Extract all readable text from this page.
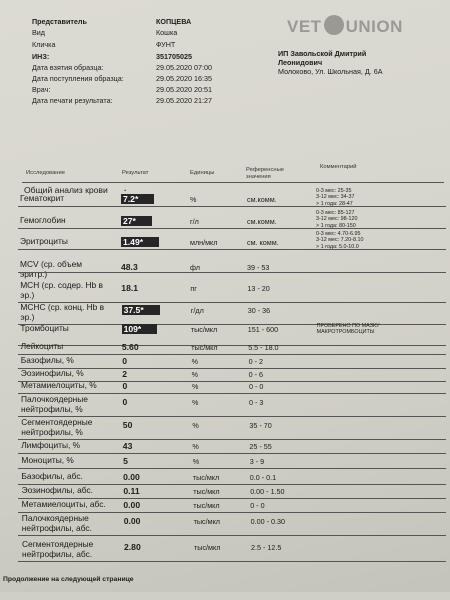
Представитель	КОПЦЕВА
Вид	Кошка
Кличка	ФУНТ
ИНЗ:	351705025
Дата взятия образца:	29.05.2020 07:00
Дата поступления образца:	29.05.2020 16:35
Врач:	29.05.2020 20:51
Дата печати результата:	29.05.2020 21:27
VET UNION
ИП Завольской Дмитрий
Леонидович
Молоково, Ул. Школьная, Д. 6А
Исследование	Результат	Единицы	Референсные
значения
Комментарий
Общий анализ крови .
Гематокрит	7.2*	%	см.комм.
0-3 мес: 25-35
3-12 мес: 34-37
> 1 года: 28-47
Гемоглобин	27*	г/л	см.комм.
0-3 мес: 85-127
3-12 мес: 98-120
> 1 года: 80-150
Эритроциты	1.49*	млн/мкл	см. комм.
0-3 мес: 4.70-6.95
3-12 мес: 7.20-8.10
> 1 года: 5.0-10.0
MCV (ср. объем
эритр.)
48.3	фл	39 - 53
MCH (ср. содер. Hb в
эр.)
18.1	пг	13 - 20
MCHC (ср. конц. Hb в
эр.)
37.5*	г/дл	30 - 36
Тромбоциты	109*	тыс/мкл	151 - 600	ПРОВЕРЕНО ПО МАЗКУ
МАКРОТРОМБОЦИТЫ
Лейкоциты	5.60	тыс/мкл	5.5 - 18.0
Базофилы, %	0	%	0 - 2
Эозинофилы, %	2	%	0 - 6
Метамиелоциты, %	0	%	0 - 0
Палочкоядерные
нейтрофилы, %
0	%	0 - 3
Сегментоядерные
нейтрофилы, %
50	%	35 - 70
Лимфоциты, %	43	%	25 - 55
Моноциты, %	5	%	3 - 9
Базофилы, абс.	0.00	тыс/мкл	0.0 - 0.1
Эозинофилы, абс.	0.11	тыс/мкл	0.00 - 1.50
Метамиелоциты, абс. 0.00	тыс/мкл	0 - 0
Палочкоядерные
нейтрофилы, абс.
0.00	тыс/мкл	0.00 - 0.30
Сегментоядерные
нейтрофилы, абс.
2.80	тыс/мкл	2.5 - 12.5
Продолжение на следующей странице
